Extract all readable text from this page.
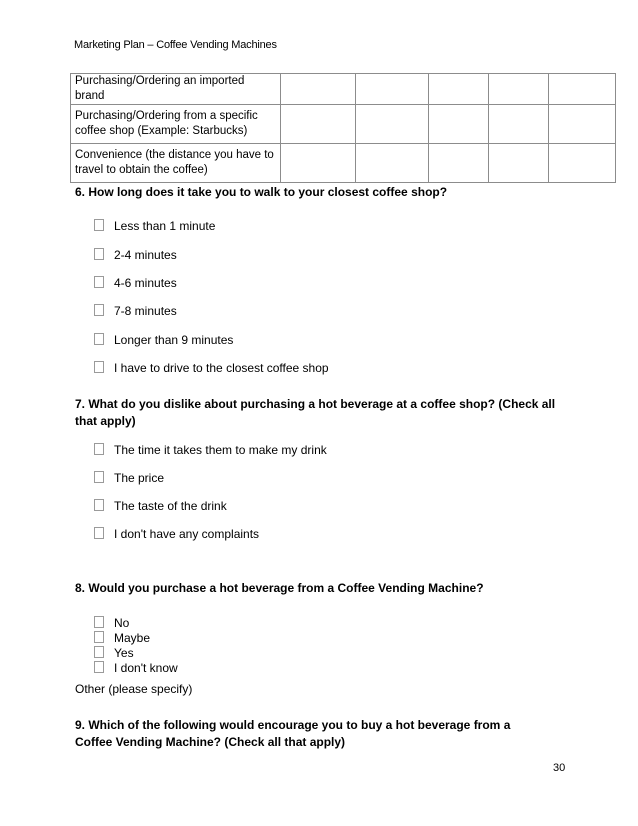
Marketing Plan – Coffee Vending Machines
Purchasing/Ordering an imported brand					
Purchasing/Ordering from a specific coffee shop (Example: Starbucks)					
Convenience (the distance you have to travel to obtain the coffee)					
6. How long does it take you to walk to your closest coffee shop?
Less than 1 minute
2-4 minutes
4-6 minutes
7-8 minutes
Longer than 9 minutes
I have to drive to the closest coffee shop
7. What do you dislike about purchasing a hot beverage at a coffee shop? (Check all that apply)
The time it takes them to make my drink
The price
The taste of the drink
I don't have any complaints
8. Would you purchase a hot beverage from a Coffee Vending Machine?
No
Maybe
Yes
I don't know
Other (please specify)
9. Which of the following would encourage you to buy a hot beverage from a Coffee Vending Machine? (Check all that apply)
30
